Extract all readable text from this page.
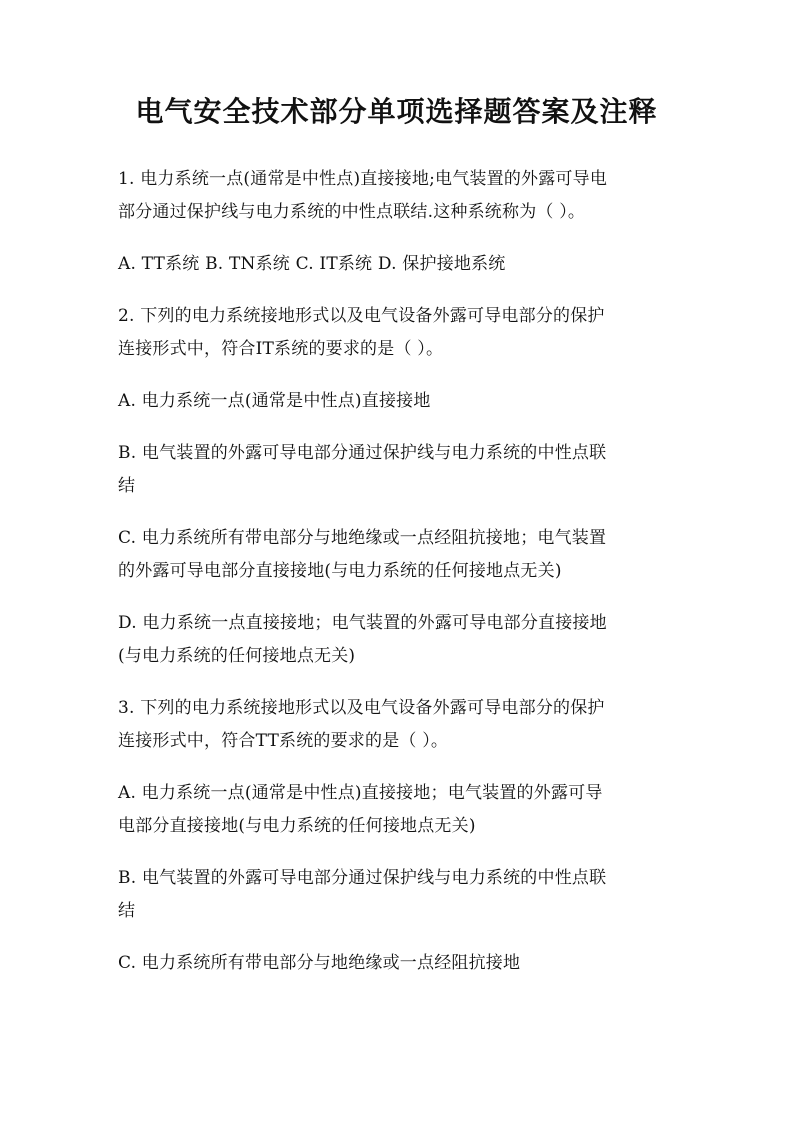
电气安全技术部分单项选择题答案及注释

1. 电力系统一点(通常是中性点)直接接地;电气装置的外露可导电
部分通过保护线与电力系统的中性点联结.这种系统称为（ ）。

A. TT系统 B. TN系统 C. IT系统 D. 保护接地系统

2. 下列的电力系统接地形式以及电气设备外露可导电部分的保护
连接形式中，符合IT系统的要求的是（ ）。

A. 电力系统一点(通常是中性点)直接接地

B. 电气装置的外露可导电部分通过保护线与电力系统的中性点联
结

C. 电力系统所有带电部分与地绝缘或一点经阻抗接地；电气装置
的外露可导电部分直接接地(与电力系统的任何接地点无关)

D. 电力系统一点直接接地；电气装置的外露可导电部分直接接地
(与电力系统的任何接地点无关)

3. 下列的电力系统接地形式以及电气设备外露可导电部分的保护
连接形式中，符合TT系统的要求的是（ ）。

A. 电力系统一点(通常是中性点)直接接地；电气装置的外露可导
电部分直接接地(与电力系统的任何接地点无关)

B. 电气装置的外露可导电部分通过保护线与电力系统的中性点联
结

C. 电力系统所有带电部分与地绝缘或一点经阻抗接地
